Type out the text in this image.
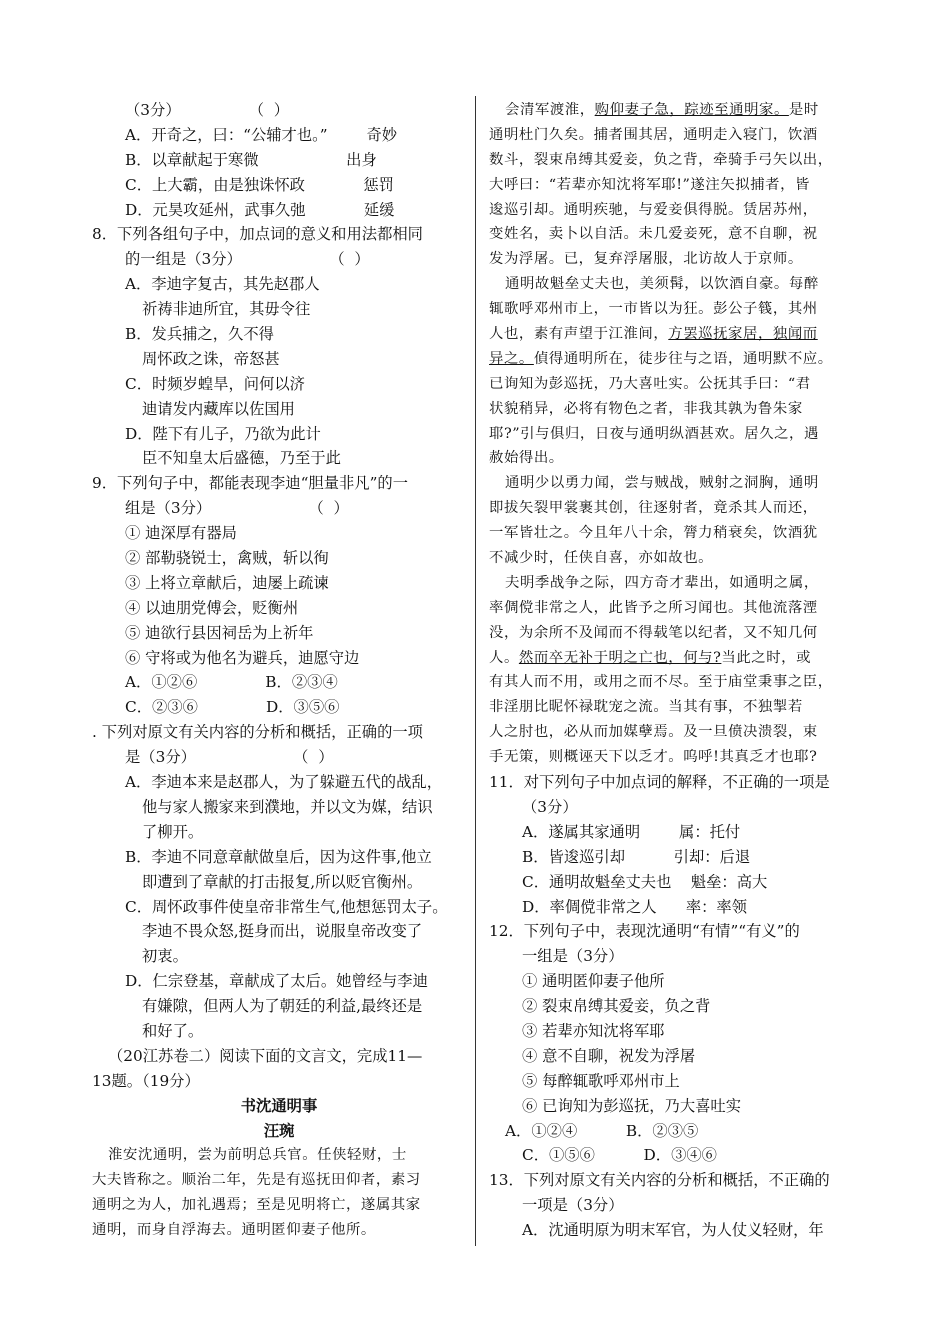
（3分）              （  ）
A．开奇之，曰：“公辅才也。”        奇妙
B．以章献起于寒微                  出身
C．上大霸，由是独诛怀政            惩罚
D．元昊攻延州，武事久弛            延缓
8．下列各组句子中，加点词的意义和用法都相同
的一组是（3分）                  （  ）
A．李迪字复古，其先赵郡人
祈祷非迪所宜，其毋令往
B．发兵捕之，久不得
周怀政之诛，帝怒甚
C．时频岁蝗旱，问何以济
迪请发内藏库以佐国用
D．陛下有儿子，乃欲为此计
臣不知皇太后盛德，乃至于此
9．下列句子中，都能表现李迪“胆量非凡”的一
组是（3分）                    （  ）
① 迪深厚有器局
② 部勒骁锐士，禽贼，斩以徇
③ 上将立章献后，迪屡上疏谏
④ 以迪朋党傅会，贬衡州
⑤ 迪欲行县因祠岳为上祈年
⑥ 守将或为他名为避兵，迪愿守边
A．①②⑥              B．②③④
C．②③⑥              D．③⑤⑥
. 下列对原文有关内容的分析和概括，正确的一项
是（3分）                    （  ）
A．李迪本来是赵郡人，为了躲避五代的战乱，
他与家人搬家来到濮地，并以文为媒，结识
了柳开。
B．李迪不同意章献做皇后，因为这件事,他立
即遭到了章献的打击报复,所以贬官衡州。
C．周怀政事件使皇帝非常生气,他想惩罚太子。
李迪不畏众怒,挺身而出，说服皇帝改变了
初衷。
D．仁宗登基，章献成了太后。她曾经与李迪
有嫌隙，但两人为了朝廷的利益,最终还是
和好了。
（20江苏卷二）阅读下面的文言文，完成11—
13题。（19分）
书沈通明事
汪琬
淮安沈通明，尝为前明总兵官。任侠轻财，士
大夫皆称之。顺治二年，先是有巡抚田仰者，素习
通明之为人，加礼遇焉；至是见明将亡，遂属其家
通明，而身自浮海去。通明匿仰妻子他所。
会清军渡淮，购仰妻子急，踪迹至通明家。是时
通明杜门久矣。捕者围其居，通明走入寝门，饮酒
数斗，裂束帛缚其爱妾，负之背，牵骑手弓矢以出，
大呼曰：“若辈亦知沈将军耶!”遂注矢拟捕者，皆
逡巡引却。通明疾驰，与爱妾俱得脱。赁居苏州，
变姓名，卖卜以自活。未几爱妾死，意不自聊，祝
发为浮屠。已，复弃浮屠服，北访故人于京师。
通明故魁垒丈夫也，美须髯，以饮酒自豪。每醉
辄歌呼邓州市上，一市皆以为狂。彭公子篯，其州
人也，素有声望于江淮间，方罢巡抚家居，独闻而
异之。偵得通明所在，徒步往与之语，通明默不应。
已询知为彭巡抚，乃大喜吐实。公抚其手曰：“君
状貌稍异，必将有物色之者，非我其孰为鲁朱家
耶?”引与俱归，日夜与通明纵酒甚欢。居久之，遇
赦始得出。
通明少以勇力闻，尝与贼战，贼射之洞胸，通明
即拔矢裂甲裳裹其创，往逐射者，竟杀其人而还，
一军皆壮之。今且年八十余，膂力稍衰矣，饮酒犹
不减少时，任侠自喜，亦如故也。
夫明季战争之际，四方奇才辈出，如通明之属，
率倜傥非常之人，此皆予之所习闻也。其他流落湮
没，为余所不及闻而不得载笔以纪者，又不知几何
人。然而卒无补于明之亡也，何与?当此之时，或
有其人而不用，或用之而不尽。至于庙堂秉事之臣，
非淫朋比昵怀禄耽宠之流。当其有事，不独掣若
人之肘也，必从而加媒孽焉。及一旦偾决溃裂，束
手无策，则概诬天下以乏才。呜呼!其真乏才也耶?
11．对下列句子中加点词的解释，不正确的一项是
（3分）
A．遂属其家通明        属：托付
B．皆逡巡引却          引却：后退
C．通明故魁垒丈夫也    魁垒：高大
D．率倜傥非常之人      率：率领
12．下列句子中，表现沈通明“有情”“有义”的
一组是（3分）
① 通明匿仰妻子他所
② 裂束帛缚其爱妾，负之背
③ 若辈亦知沈将军耶
④ 意不自聊，祝发为浮屠
⑤ 每醉辄歌呼邓州市上
⑥ 已询知为彭巡抚，乃大喜吐实
A．①②④          B．②③⑤
C．①⑤⑥          D．③④⑥
13．下列对原文有关内容的分析和概括，不正确的
一项是（3分）
A．沈通明原为明末军官，为人仗义轻财，年
